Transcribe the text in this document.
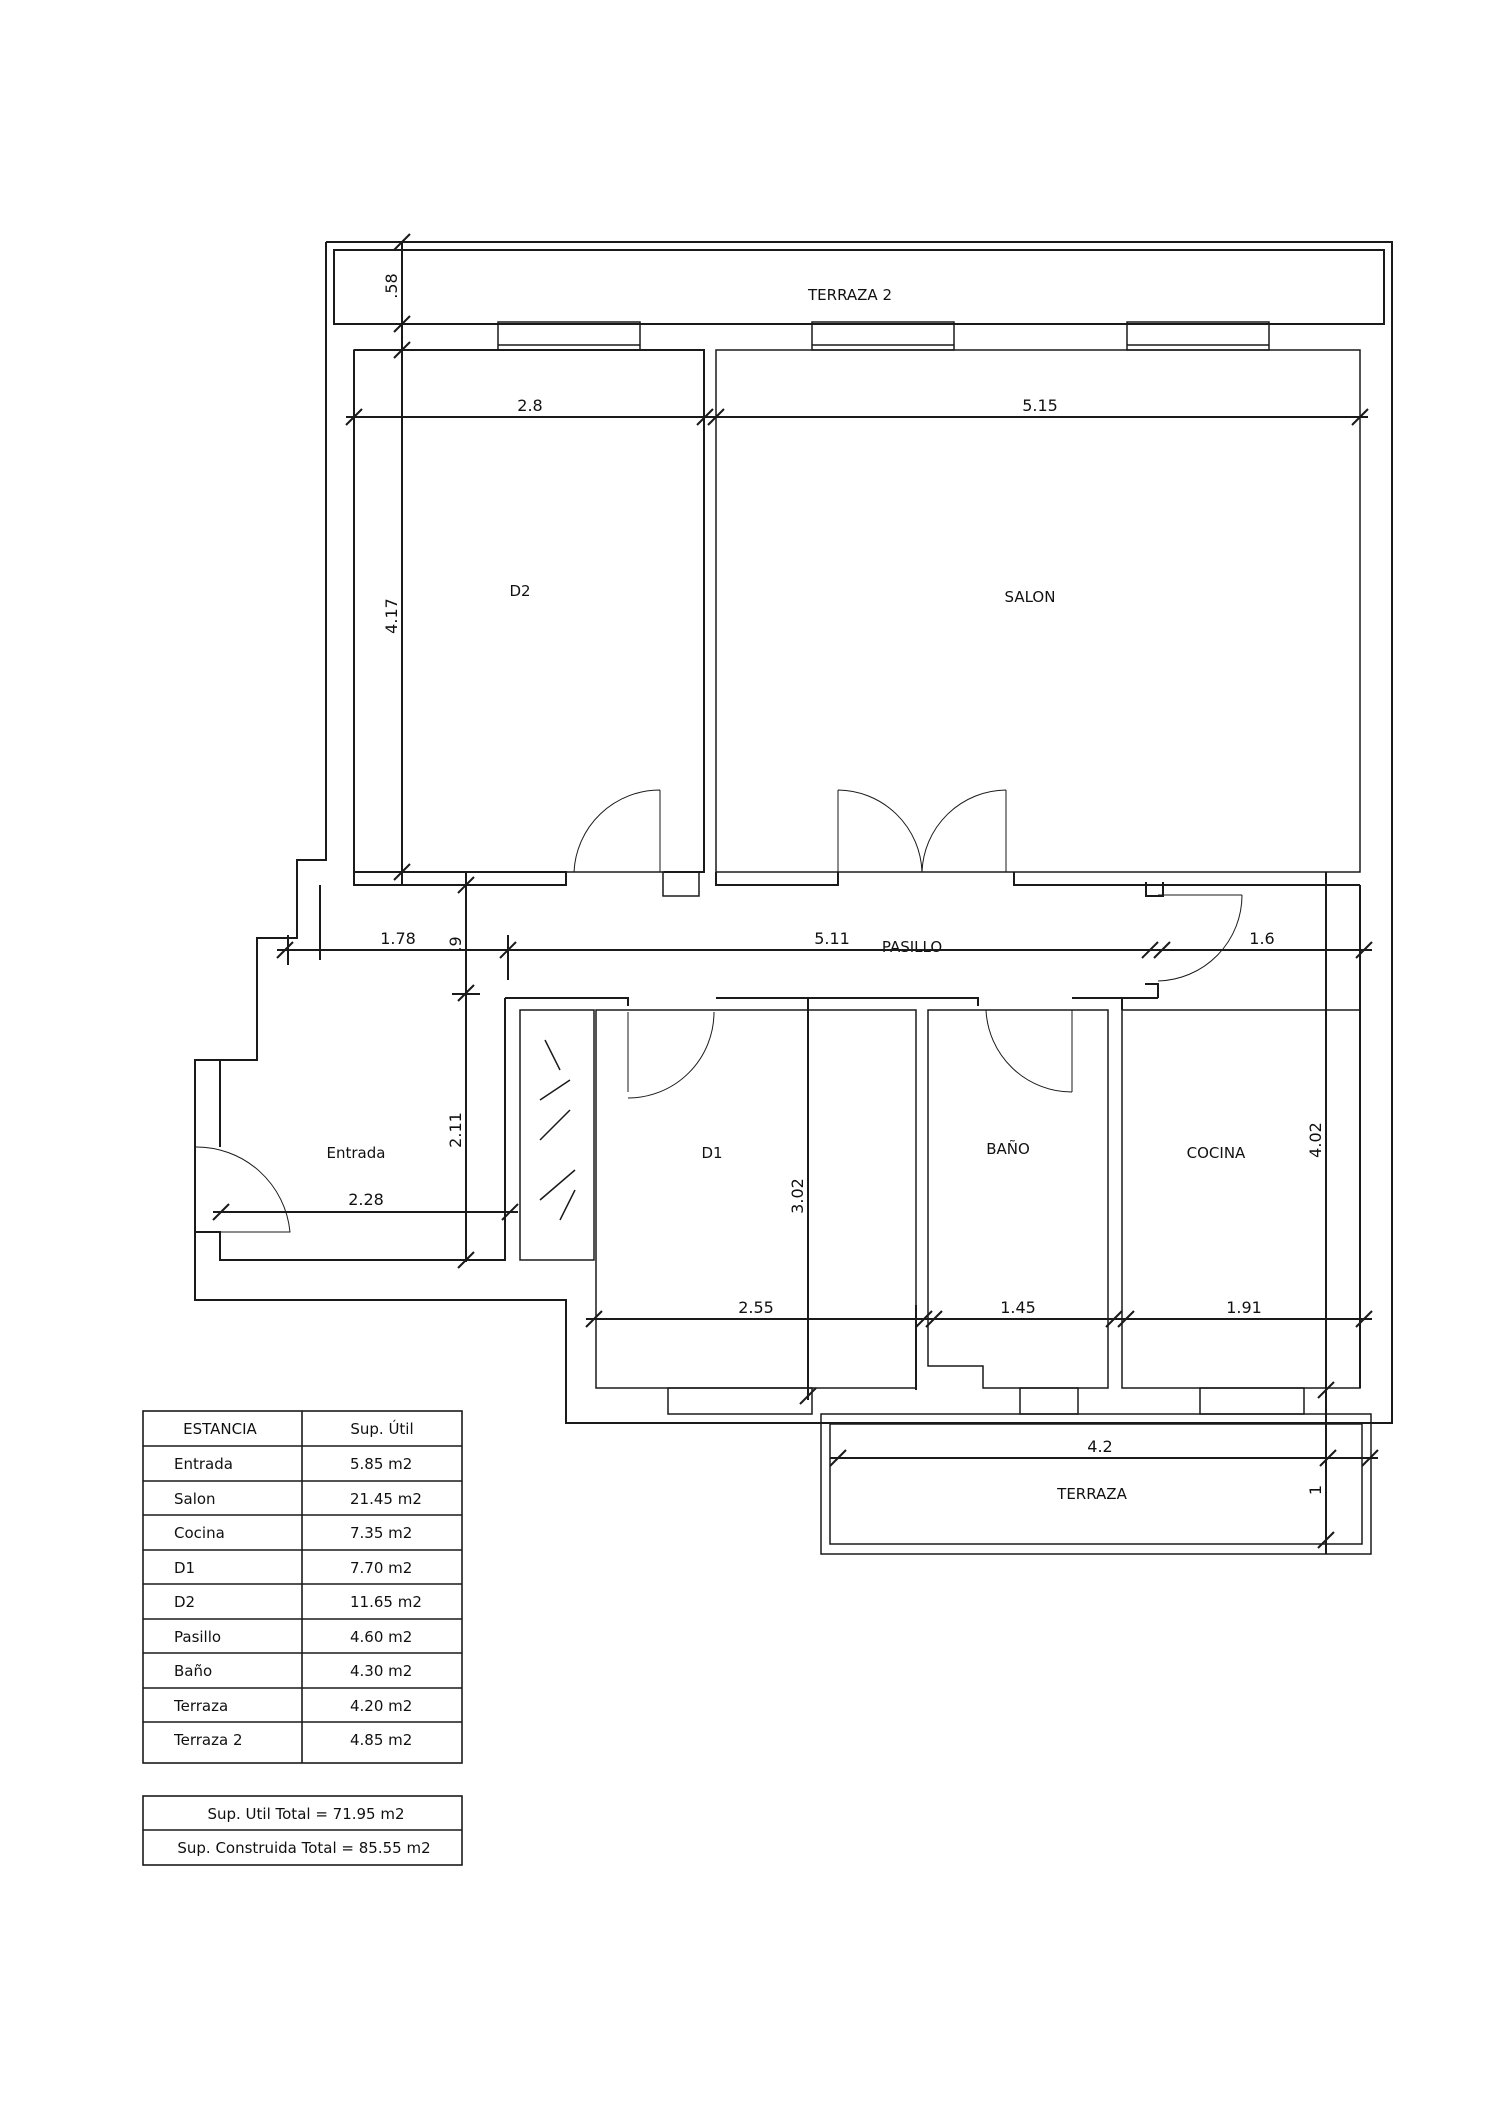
TERRAZA 2
D2	SALON
PASILLO
Entrada	D1	BAÑO	COCINA
TERRAZA
.58
2.8	5.15
4.17
1.78 .9	5.11	1.6
2.11
2.28	3.02
4.02
2.55	1.45	1.91
4.2
1
ESTANCIA	Sup. Útil
Entrada	5.85 m2
Salon	21.45 m2
Cocina	7.35 m2
D1	7.70 m2
D2	11.65 m2
Pasillo	4.60 m2
Baño	4.30 m2
Terraza	4.20 m2
Terraza 2	4.85 m2
Sup. Util Total = 71.95 m2
Sup. Construida Total = 85.55 m2
